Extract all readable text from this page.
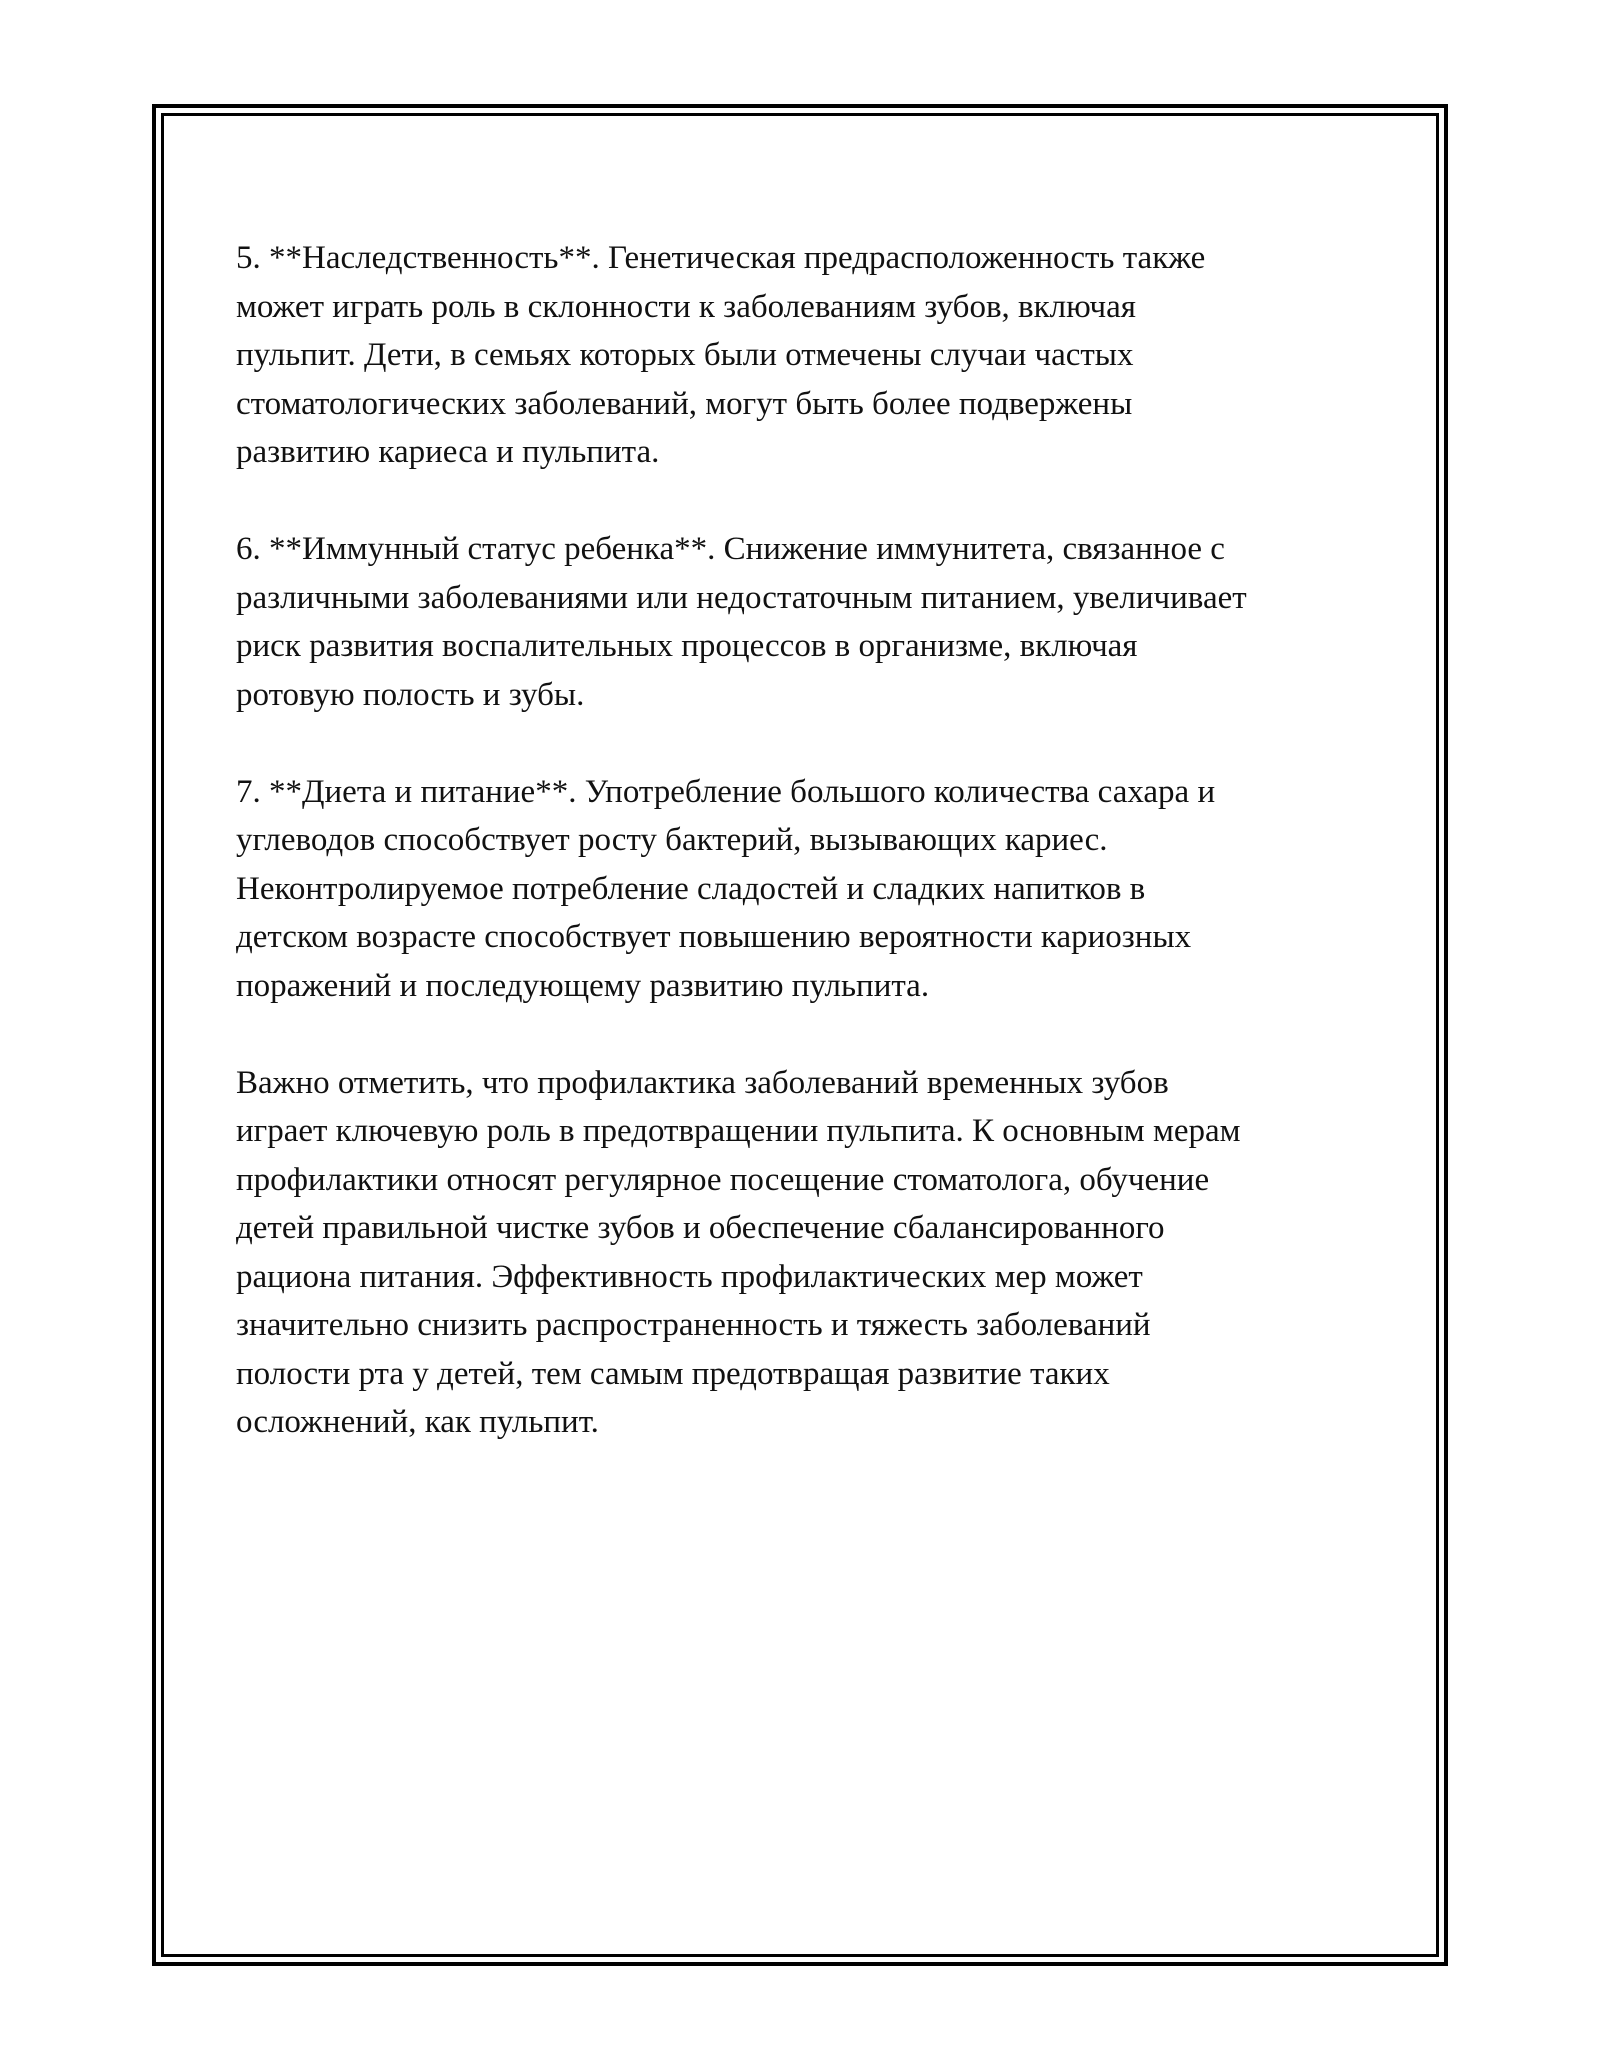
5. **Наследственность**. Генетическая предрасположенность также
может играть роль в склонности к заболеваниям зубов, включая
пульпит. Дети, в семьях которых были отмечены случаи частых
стоматологических заболеваний, могут быть более подвержены
развитию кариеса и пульпита.

6. **Иммунный статус ребенка**. Снижение иммунитета, связанное с
различными заболеваниями или недостаточным питанием, увеличивает
риск развития воспалительных процессов в организме, включая
ротовую полость и зубы.

7. **Диета и питание**. Употребление большого количества сахара и
углеводов способствует росту бактерий, вызывающих кариес.
Неконтролируемое потребление сладостей и сладких напитков в
детском возрасте способствует повышению вероятности кариозных
поражений и последующему развитию пульпита.

Важно отметить, что профилактика заболеваний временных зубов
играет ключевую роль в предотвращении пульпита. К основным мерам
профилактики относят регулярное посещение стоматолога, обучение
детей правильной чистке зубов и обеспечение сбалансированного
рациона питания. Эффективность профилактических мер может
значительно снизить распространенность и тяжесть заболеваний
полости рта у детей, тем самым предотвращая развитие таких
осложнений, как пульпит.
